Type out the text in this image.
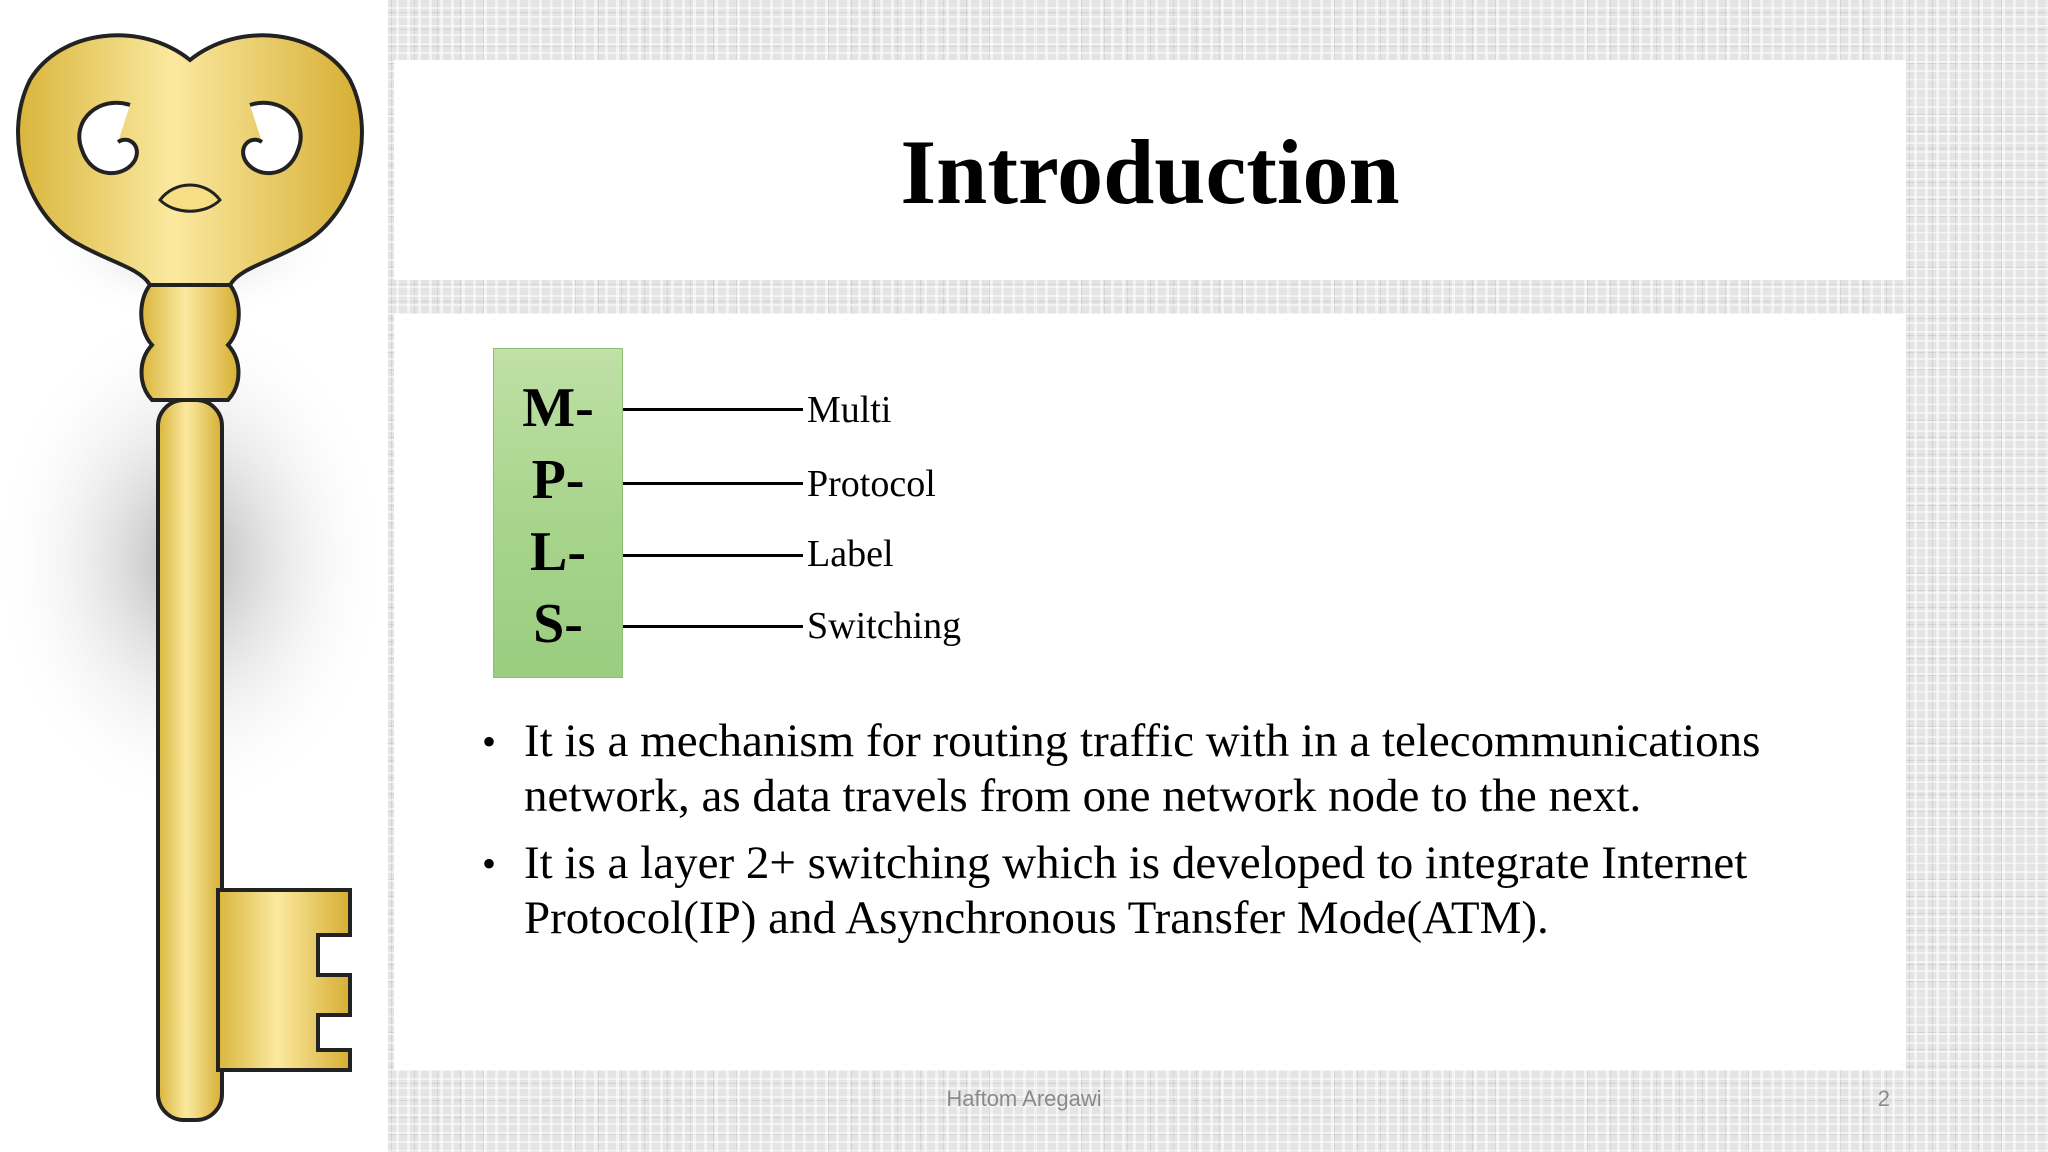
Introduction
M-
P-
L-
S-
Multi
Protocol
Label
Switching
• It is a mechanism for routing traffic with in a telecommunications network, as data travels from one network node to the next.
• It is a layer 2+ switching which is developed to integrate Internet Protocol(IP) and Asynchronous Transfer Mode(ATM).
Haftom Aregawi	2
